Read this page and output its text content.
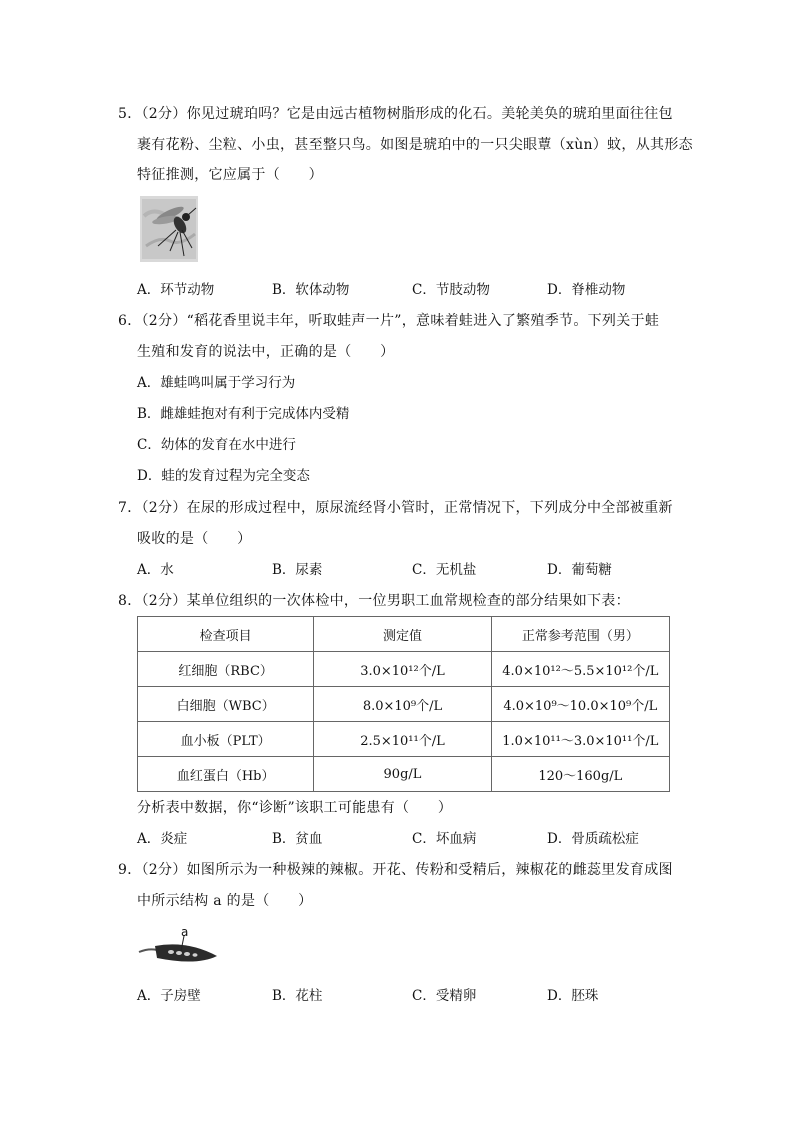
5．（2分）你见过琥珀吗？它是由远古植物树脂形成的化石。美轮美奂的琥珀里面往往包
裹有花粉、尘粒、小虫，甚至整只鸟。如图是琥珀中的一只尖眼蕈（xùn）蚊，从其形态
特征推测，它应属于（　　）
A．环节动物	B．软体动物	C．节肢动物	D．脊椎动物
6．（2分）“稻花香里说丰年，听取蛙声一片”，意味着蛙进入了繁殖季节。下列关于蛙
生殖和发育的说法中，正确的是（　　）
A．雄蛙鸣叫属于学习行为
B．雌雄蛙抱对有利于完成体内受精
C．幼体的发育在水中进行
D．蛙的发育过程为完全变态
7．（2分）在尿的形成过程中，原尿流经肾小管时，正常情况下，下列成分中全部被重新
吸收的是（　　）
A．水	B．尿素	C．无机盐	D．葡萄糖
8．（2分）某单位组织的一次体检中，一位男职工血常规检查的部分结果如下表：
检查项目	测定值	正常参考范围（男）
红细胞（RBC）	3.0×10¹²个/L	4.0×10¹²～5.5×10¹²个/L
白细胞（WBC）	8.0×10⁹个/L	4.0×10⁹～10.0×10⁹个/L
血小板（PLT）	2.5×10¹¹个/L	1.0×10¹¹～3.0×10¹¹个/L
血红蛋白（Hb）	90g/L	120～160g/L
分析表中数据，你“诊断”该职工可能患有（　　）
A．炎症	B．贫血	C．坏血病	D．骨质疏松症
9．（2分）如图所示为一种极辣的辣椒。开花、传粉和受精后，辣椒花的雌蕊里发育成图
中所示结构 a 的是（　　）
a
A．子房壁	B．花柱	C．受精卵	D．胚珠
